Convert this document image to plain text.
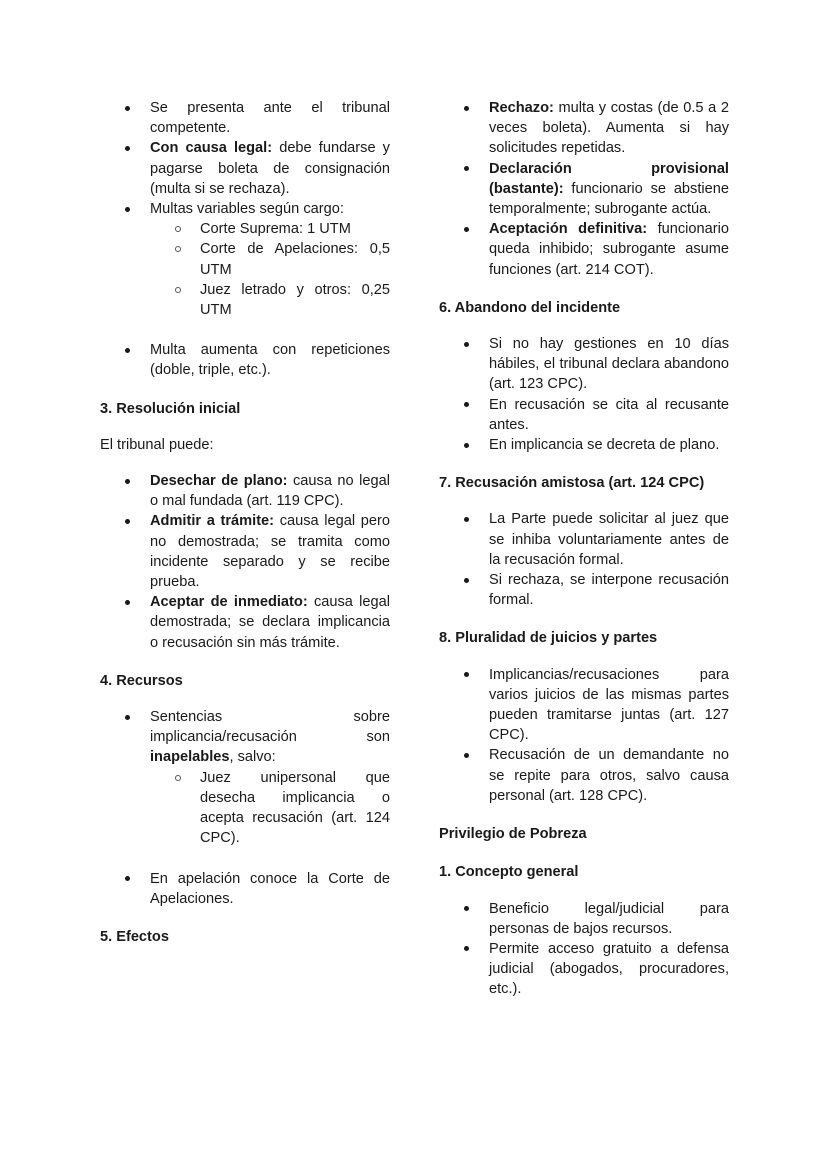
Se presenta ante el tribunal competente.
Con causa legal: debe fundarse y pagarse boleta de consignación (multa si se rechaza).
Multas variables según cargo:
Corte Suprema: 1 UTM
Corte de Apelaciones: 0,5 UTM
Juez letrado y otros: 0,25 UTM
Multa aumenta con repeticiones (doble, triple, etc.).

3. Resolución inicial

El tribunal puede:

Desechar de plano: causa no legal o mal fundada (art. 119 CPC).
Admitir a trámite: causa legal pero no demostrada; se tramita como incidente separado y se recibe prueba.
Aceptar de inmediato: causa legal demostrada; se declara implicancia o recusación sin más trámite.

4. Recursos

Sentencias sobre implicancia/recusación son inapelables, salvo:
Juez unipersonal que desecha implicancia o acepta recusación (art. 124 CPC).
En apelación conoce la Corte de Apelaciones.

5. Efectos

Rechazo: multa y costas (de 0.5 a 2 veces boleta). Aumenta si hay solicitudes repetidas.
Declaración provisional (bastante): funcionario se abstiene temporalmente; subrogante actúa.
Aceptación definitiva: funcionario queda inhibido; subrogante asume funciones (art. 214 COT).

6. Abandono del incidente

Si no hay gestiones en 10 días hábiles, el tribunal declara abandono (art. 123 CPC).
En recusación se cita al recusante antes.
En implicancia se decreta de plano.

7. Recusación amistosa (art. 124 CPC)

La Parte puede solicitar al juez que se inhiba voluntariamente antes de la recusación formal.
Si rechaza, se interpone recusación formal.

8. Pluralidad de juicios y partes

Implicancias/recusaciones para varios juicios de las mismas partes pueden tramitarse juntas (art. 127 CPC).
Recusación de un demandante no se repite para otros, salvo causa personal (art. 128 CPC).

Privilegio de Pobreza

1. Concepto general

Beneficio legal/judicial para personas de bajos recursos.
Permite acceso gratuito a defensa judicial (abogados, procuradores, etc.).
